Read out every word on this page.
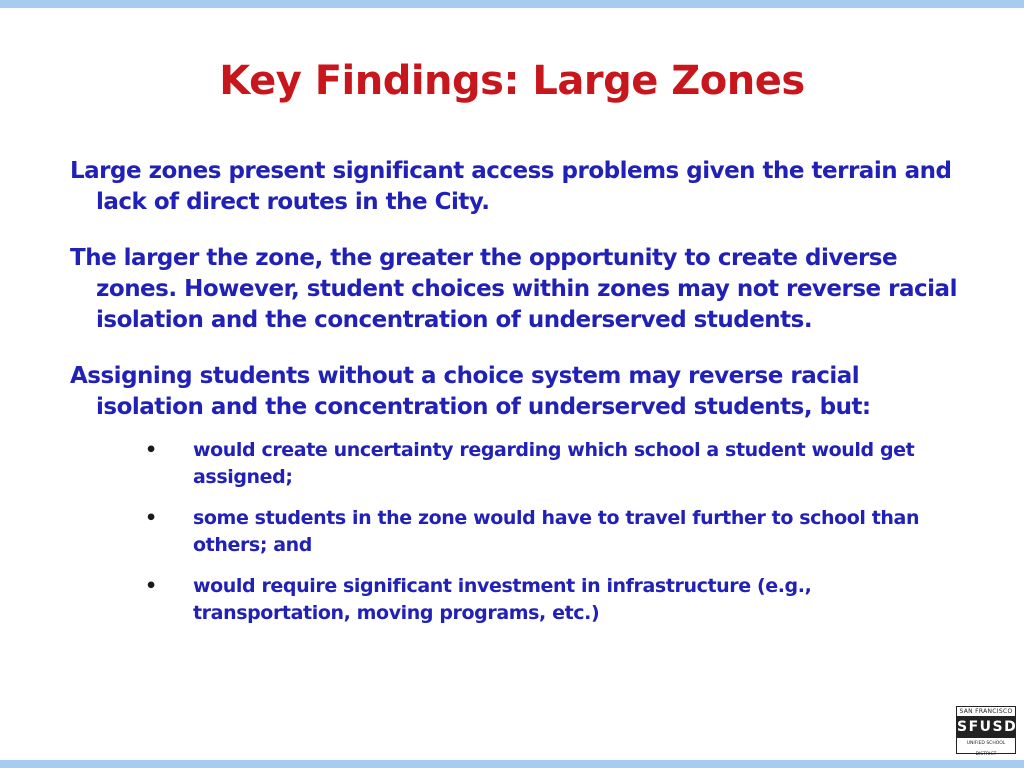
Key Findings: Large Zones

Large zones present significant access problems given the terrain and lack of direct routes in the City.

The larger the zone, the greater the opportunity to create diverse zones. However, student choices within zones may not reverse racial isolation and the concentration of underserved students.

Assigning students without a choice system may reverse racial isolation and the concentration of underserved students, but:

• would create uncertainty regarding which school a student would get assigned;
• some students in the zone would have to travel further to school than others; and
• would require significant investment in infrastructure (e.g., transportation, moving programs, etc.)
SAN FRANCISCO
SFUSD
UNIFIED SCHOOL DISTRICT
